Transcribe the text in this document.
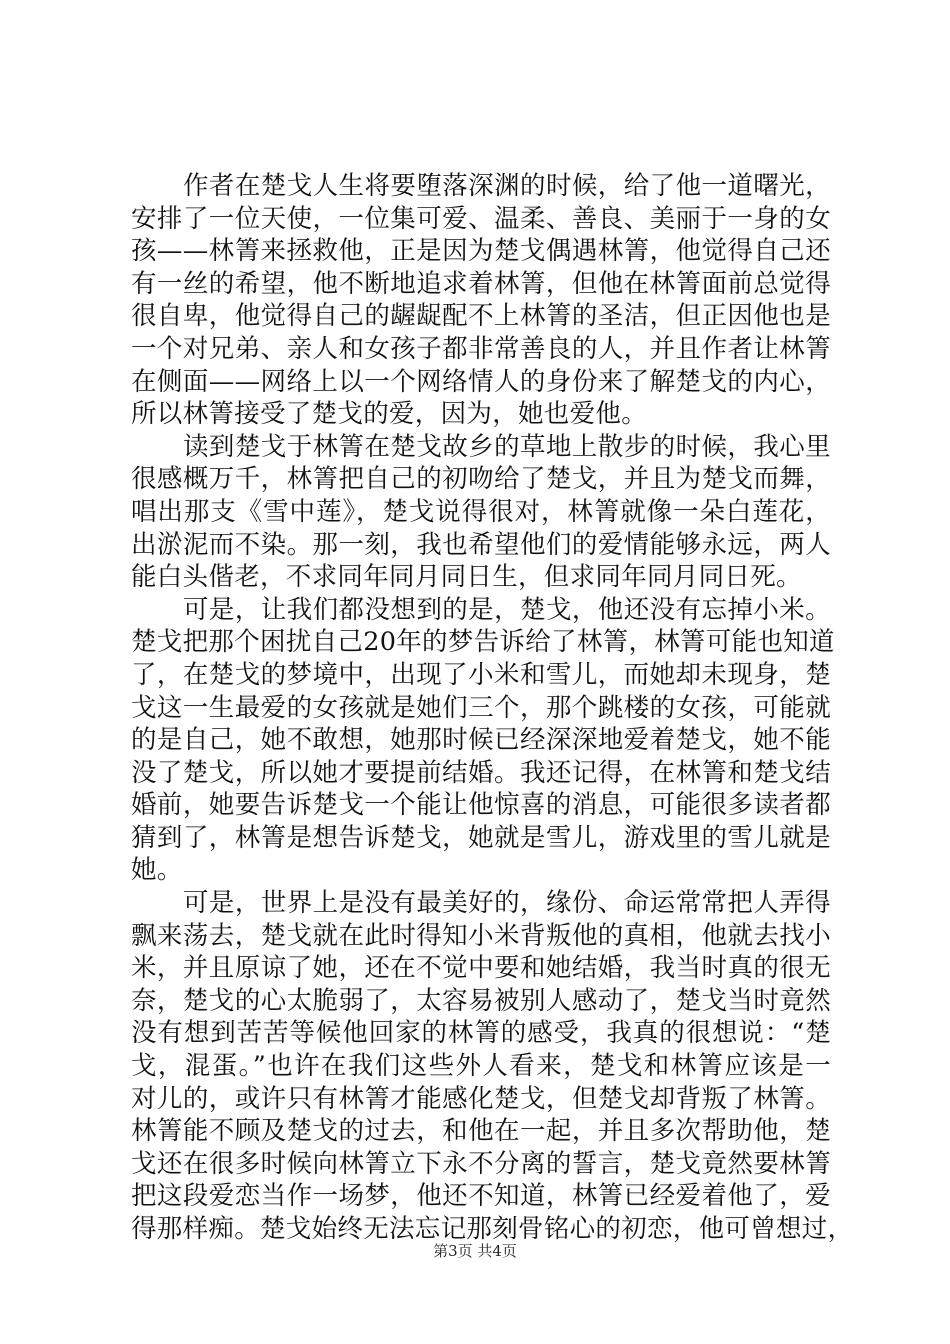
作者在楚戈人生将要堕落深渊的时候，给了他一道曙光，
安排了一位天使，一位集可爱、温柔、善良、美丽于一身的女
孩——林箐来拯救他，正是因为楚戈偶遇林箐，他觉得自己还
有一丝的希望，他不断地追求着林箐，但他在林箐面前总觉得
很自卑，他觉得自己的龌龊配不上林箐的圣洁，但正因他也是
一个对兄弟、亲人和女孩子都非常善良的人，并且作者让林箐
在侧面——网络上以一个网络情人的身份来了解楚戈的内心，
所以林箐接受了楚戈的爱，因为，她也爱他。
读到楚戈于林箐在楚戈故乡的草地上散步的时候，我心里
很感概万千，林箐把自己的初吻给了楚戈，并且为楚戈而舞，
唱出那支《雪中莲》，楚戈说得很对，林箐就像一朵白莲花，
出淤泥而不染。那一刻，我也希望他们的爱情能够永远，两人
能白头偕老，不求同年同月同日生，但求同年同月同日死。
可是，让我们都没想到的是，楚戈，他还没有忘掉小米。
楚戈把那个困扰自己20年的梦告诉给了林箐，林箐可能也知道
了，在楚戈的梦境中，出现了小米和雪儿，而她却未现身，楚
戈这一生最爱的女孩就是她们三个，那个跳楼的女孩，可能就
的是自己，她不敢想，她那时候已经深深地爱着楚戈，她不能
没了楚戈，所以她才要提前结婚。我还记得，在林箐和楚戈结
婚前，她要告诉楚戈一个能让他惊喜的消息，可能很多读者都
猜到了，林箐是想告诉楚戈，她就是雪儿，游戏里的雪儿就是
她。
可是，世界上是没有最美好的，缘份、命运常常把人弄得
飘来荡去，楚戈就在此时得知小米背叛他的真相，他就去找小
米，并且原谅了她，还在不觉中要和她结婚，我当时真的很无
奈，楚戈的心太脆弱了，太容易被别人感动了，楚戈当时竟然
没有想到苦苦等候他回家的林箐的感受，我真的很想说：“楚
戈，混蛋。”也许在我们这些外人看来，楚戈和林箐应该是一
对儿的，或许只有林箐才能感化楚戈，但楚戈却背叛了林箐。
林箐能不顾及楚戈的过去，和他在一起，并且多次帮助他，楚
戈还在很多时候向林箐立下永不分离的誓言，楚戈竟然要林箐
把这段爱恋当作一场梦，他还不知道，林箐已经爱着他了，爱
得那样痴。楚戈始终无法忘记那刻骨铭心的初恋，他可曾想过，
第3页 共4页
